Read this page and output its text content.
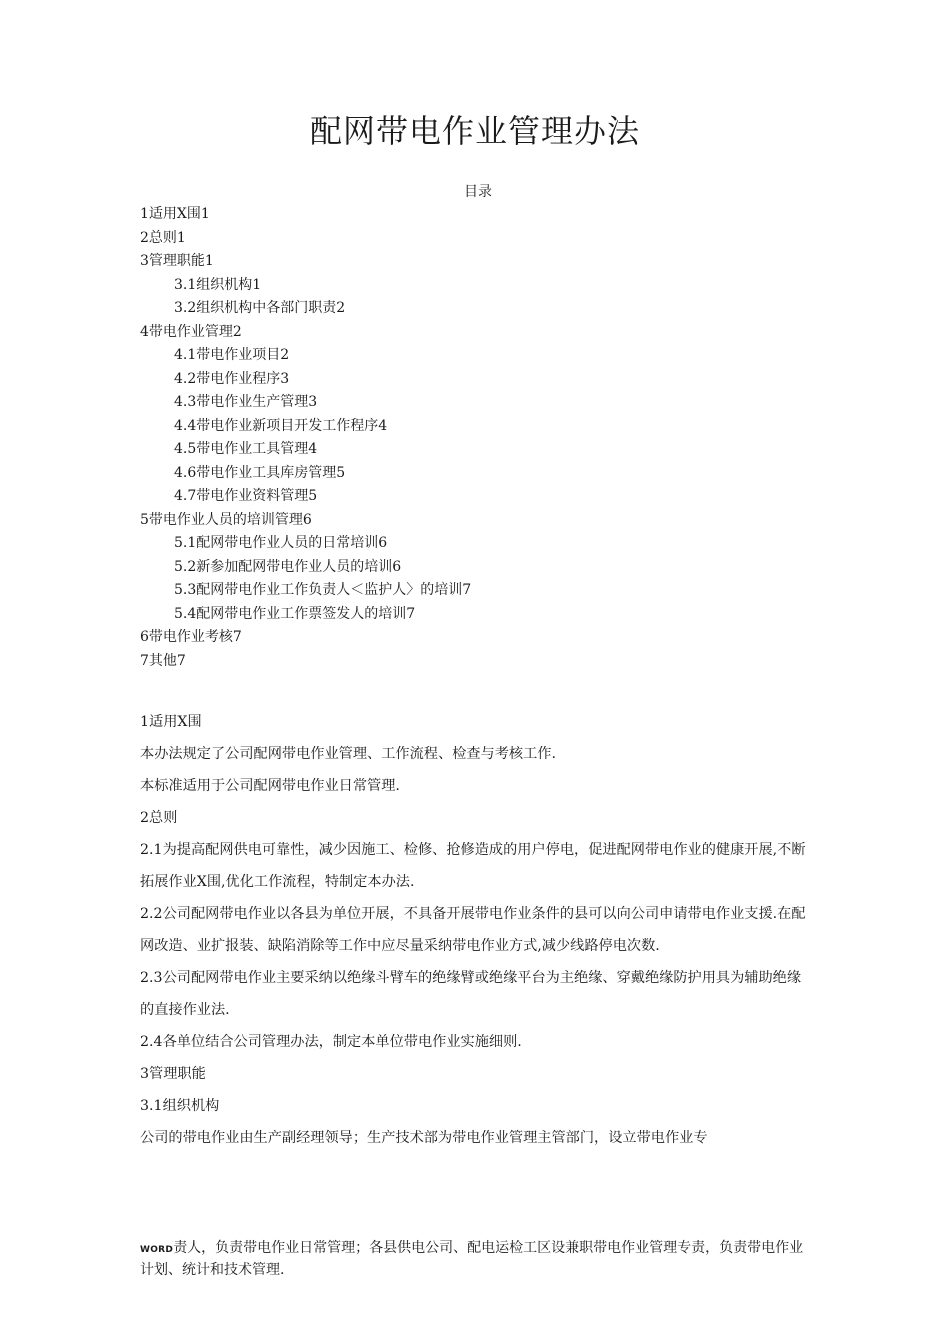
配网带电作业管理办法
目录
1适用X围1
2总则1
3管理职能1
3.1组织机构1
3.2组织机构中各部门职责2
4带电作业管理2
4.1带电作业项目2
4.2带电作业程序3
4.3带电作业生产管理3
4.4带电作业新项目开发工作程序4
4.5带电作业工具管理4
4.6带电作业工具库房管理5
4.7带电作业资料管理5
5带电作业人员的培训管理6
5.1配网带电作业人员的日常培训6
5.2新参加配网带电作业人员的培训6
5.3配网带电作业工作负责人＜监护人〉的培训7
5.4配网带电作业工作票签发人的培训7
6带电作业考核7
7其他7

1适用X围

本办法规定了公司配网带电作业管理、工作流程、检查与考核工作.

本标准适用于公司配网带电作业日常管理.

2总则

2.1为提高配网供电可靠性，减少因施工、检修、抢修造成的用户停电，促进配网带电作业的健康开展,不断拓展作业X围,优化工作流程，特制定本办法.

2.2公司配网带电作业以各县为单位开展，不具备开展带电作业条件的县可以向公司申请带电作业支援.在配网改造、业扩报装、缺陷消除等工作中应尽量采纳带电作业方式,减少线路停电次数.

2.3公司配网带电作业主要采纳以绝缘斗臂车的绝缘臂或绝缘平台为主绝缘、穿戴绝缘防护用具为辅助绝缘的直接作业法.

2.4各单位结合公司管理办法，制定本单位带电作业实施细则.

3管理职能

3.1组织机构

公司的带电作业由生产副经理领导；生产技术部为带电作业管理主管部门，设立带电作业专

WORD责人，负责带电作业日常管理；各县供电公司、配电运检工区设兼职带电作业管理专责，负责带电作业计划、统计和技术管理.
